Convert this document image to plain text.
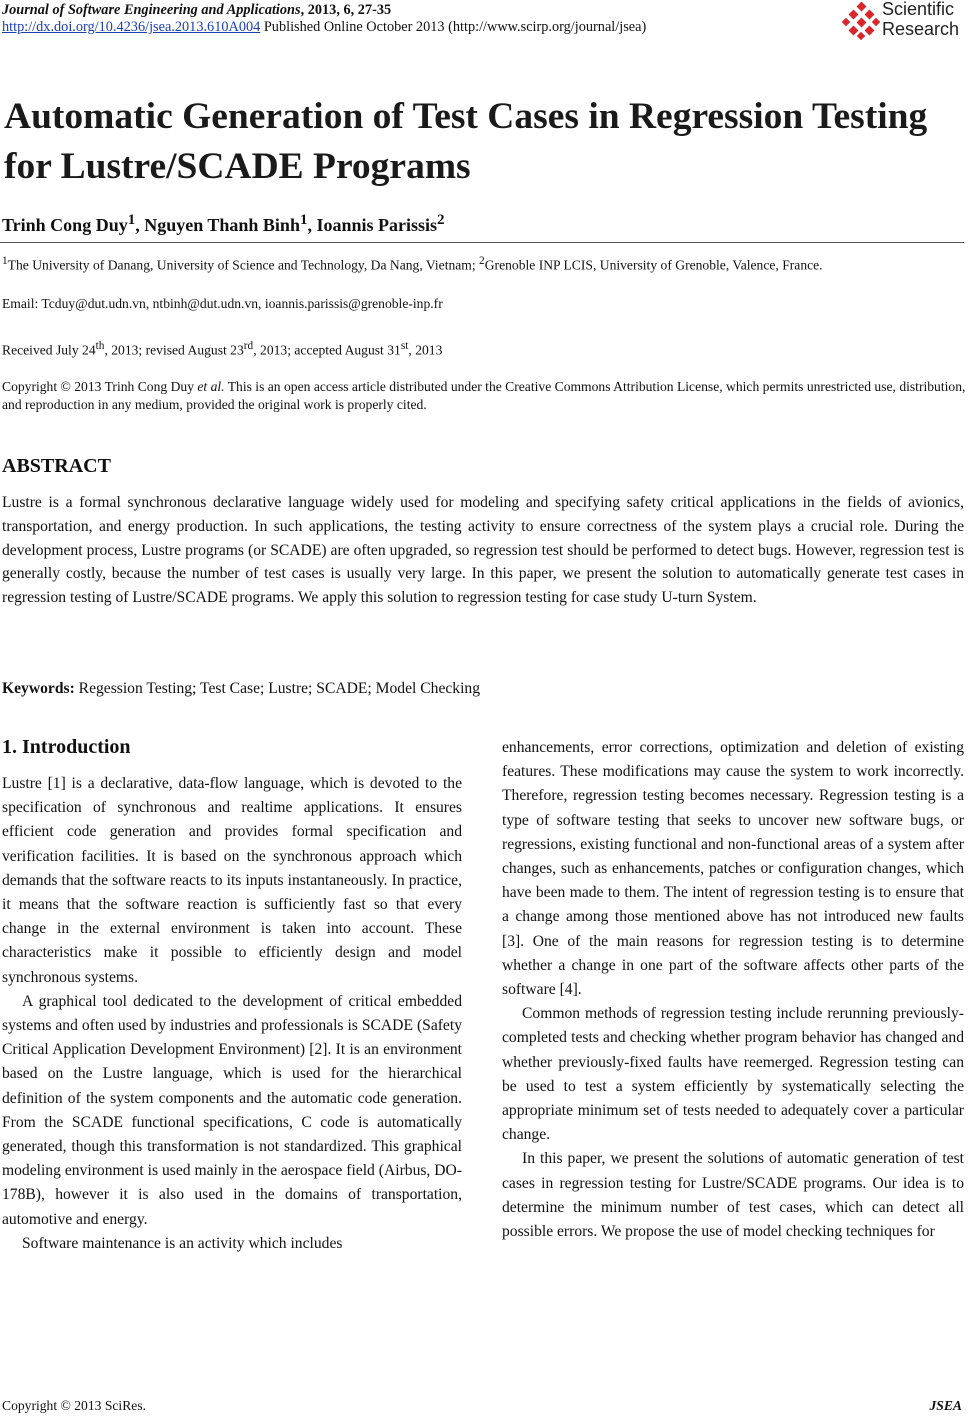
Journal of Software Engineering and Applications, 2013, 6, 27-35
http://dx.doi.org/10.4236/jsea.2013.610A004 Published Online October 2013 (http://www.scirp.org/journal/jsea)
Scientific
Research
Automatic Generation of Test Cases in Regression Testing for Lustre/SCADE Programs
Trinh Cong Duy$^1$, Nguyen Thanh Binh$^1$, Ioannis Parissis$^2$
$^1$The University of Danang, University of Science and Technology, Da Nang, Vietnam; $^2$Grenoble INP LCIS, University of Grenoble, Valence, France.
Email: Tcduy@dut.udn.vn, ntbinh@dut.udn.vn, ioannis.parissis@grenoble-inp.fr
Received July 24th, 2013; revised August 23rd, 2013; accepted August 31st, 2013
Copyright © 2013 Trinh Cong Duy et al. This is an open access article distributed under the Creative Commons Attribution License, which permits unrestricted use, distribution, and reproduction in any medium, provided the original work is properly cited.
ABSTRACT

Lustre is a formal synchronous declarative language widely used for modeling and specifying safety critical applications in the fields of avionics, transportation, and energy production. In such applications, the testing activity to ensure correctness of the system plays a crucial role. During the development process, Lustre programs (or SCADE) are often upgraded, so regression test should be performed to detect bugs. However, regression test is generally costly, because the number of test cases is usually very large. In this paper, we present the solution to automatically generate test cases in regression testing of Lustre/SCADE programs. We apply this solution to regression testing for case study U-turn System.

Keywords: Regession Testing; Test Case; Lustre; SCADE; Model Checking
1. Introduction

Lustre [1] is a declarative, data-flow language, which is devoted to the specification of synchronous and realtime applications. It ensures efficient code generation and provides formal specification and verification facilities. It is based on the synchronous approach which demands that the software reacts to its inputs instantaneously. In practice, it means that the software reaction is sufficiently fast so that every change in the external environment is taken into account. These characteristics make it possible to efficiently design and model synchronous systems.

A graphical tool dedicated to the development of critical embedded systems and often used by industries and professionals is SCADE (Safety Critical Application Development Environment) [2]. It is an environment based on the Lustre language, which is used for the hierarchical definition of the system components and the automatic code generation. From the SCADE functional specifications, C code is automatically generated, though this transformation is not standardized. This graphical modeling environment is used mainly in the aerospace field (Airbus, DO-178B), however it is also used in the domains of transportation, automotive and energy.

Software maintenance is an activity which includes

enhancements, error corrections, optimization and deletion of existing features. These modifications may cause the system to work incorrectly. Therefore, regression testing becomes necessary. Regression testing is a type of software testing that seeks to uncover new software bugs, or regressions, existing functional and non-functional areas of a system after changes, such as enhancements, patches or configuration changes, which have been made to them. The intent of regression testing is to ensure that a change among those mentioned above has not introduced new faults [3]. One of the main reasons for regression testing is to determine whether a change in one part of the software affects other parts of the software [4].

Common methods of regression testing include rerunning previously-completed tests and checking whether program behavior has changed and whether previously-fixed faults have reemerged. Regression testing can be used to test a system efficiently by systematically selecting the appropriate minimum set of tests needed to adequately cover a particular change.

In this paper, we present the solutions of automatic generation of test cases in regression testing for Lustre/SCADE programs. Our idea is to determine the minimum number of test cases, which can detect all possible errors. We propose the use of model checking techniques for

Copyright © 2013 SciRes.	JSEA
